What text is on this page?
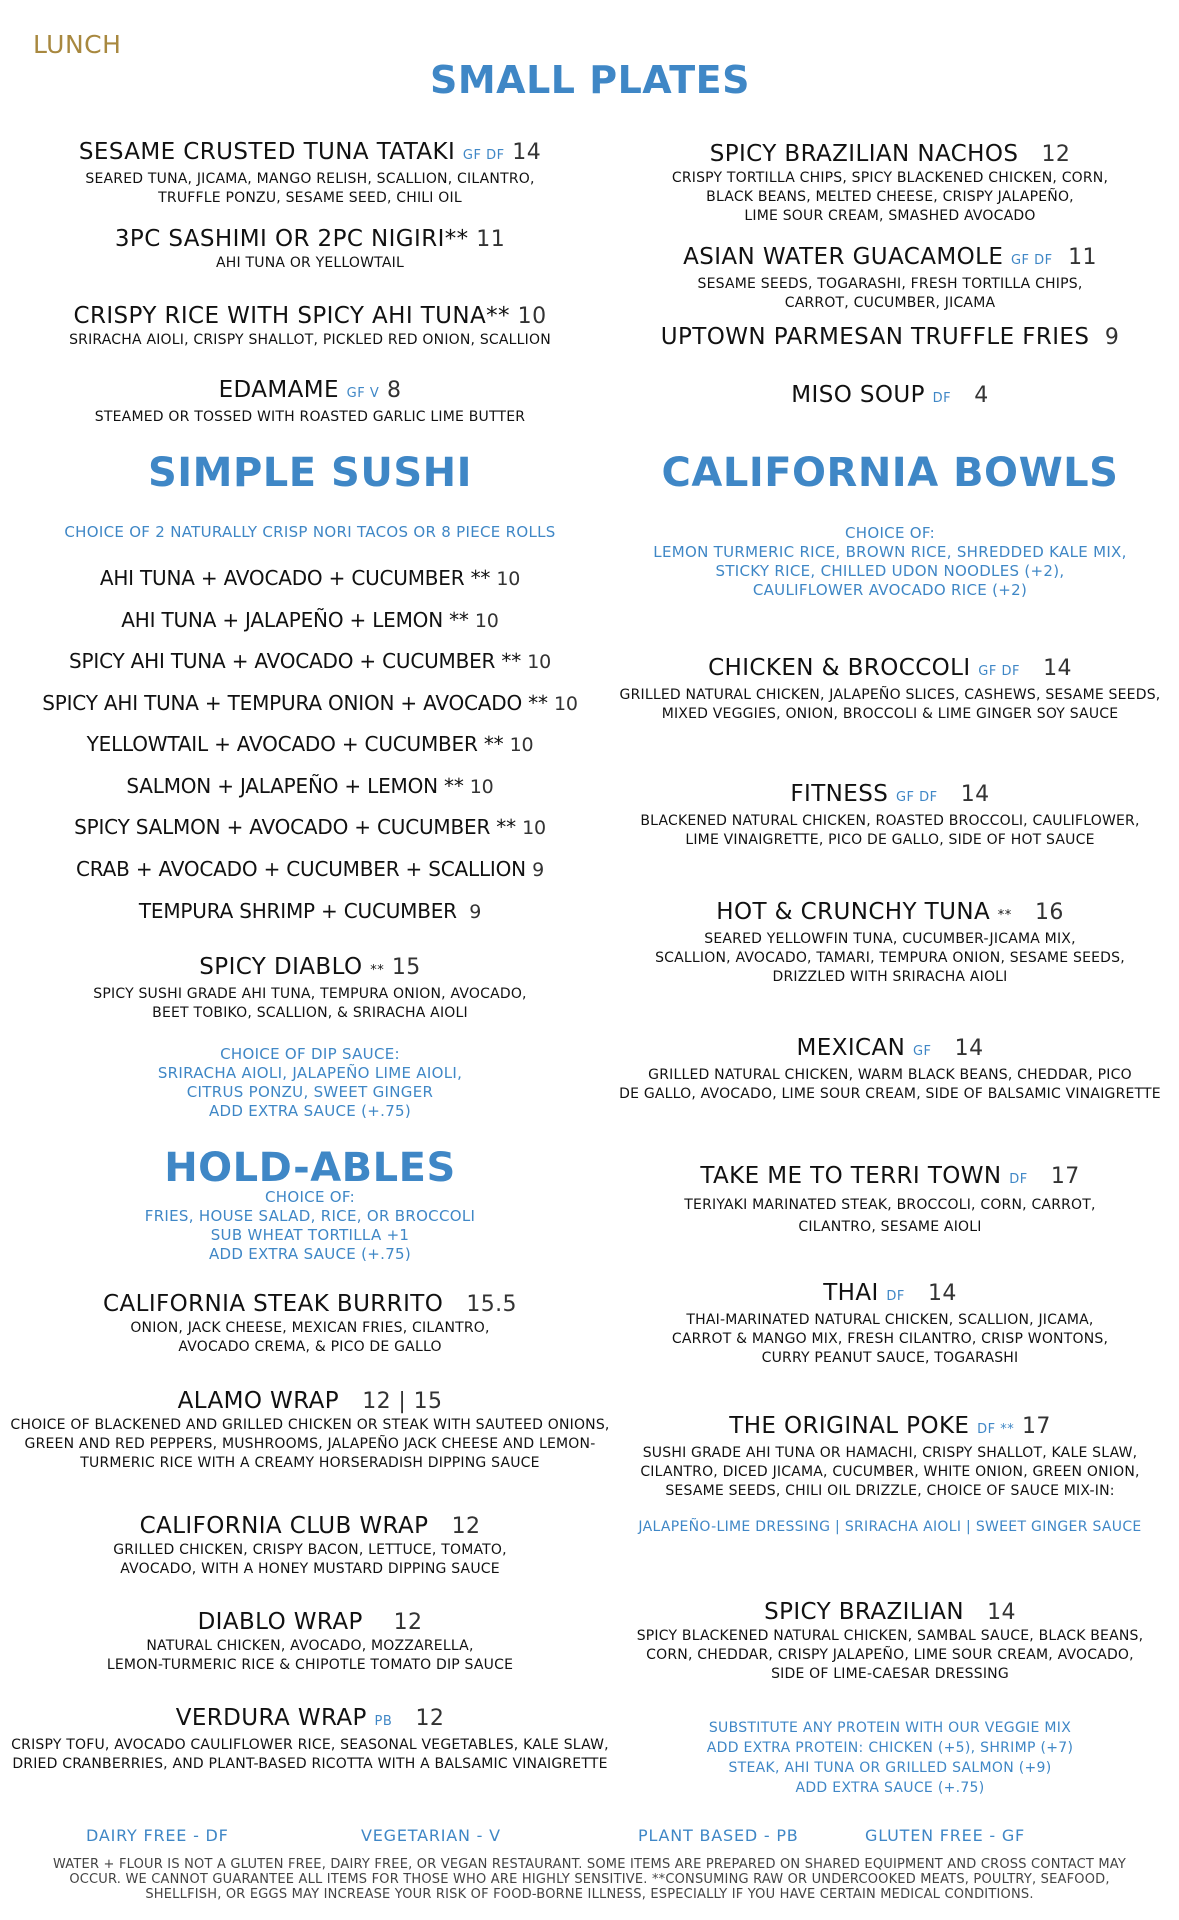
LUNCH
SMALL PLATES
SESAME CRUSTED TUNA TATAKI GF DF 14
SEARED TUNA, JICAMA, MANGO RELISH, SCALLION, CILANTRO,
TRUFFLE PONZU, SESAME SEED, CHILI OIL
3PC SASHIMI OR 2PC NIGIRI** 11
AHI TUNA OR YELLOWTAIL
CRISPY RICE WITH SPICY AHI TUNA** 10
SRIRACHA AIOLI, CRISPY SHALLOT, PICKLED RED ONION, SCALLION
EDAMAME GF V 8
STEAMED OR TOSSED WITH ROASTED GARLIC LIME BUTTER
SPICY BRAZILIAN NACHOS 12
CRISPY TORTILLA CHIPS, SPICY BLACKENED CHICKEN, CORN,
BLACK BEANS, MELTED CHEESE, CRISPY JALAPEÑO,
LIME SOUR CREAM, SMASHED AVOCADO
ASIAN WATER GUACAMOLE GF DF 11
SESAME SEEDS, TOGARASHI, FRESH TORTILLA CHIPS,
CARROT, CUCUMBER, JICAMA
UPTOWN PARMESAN TRUFFLE FRIES 9
MISO SOUP DF 4
SIMPLE SUSHI
CHOICE OF 2 NATURALLY CRISP NORI TACOS OR 8 PIECE ROLLS
AHI TUNA + AVOCADO + CUCUMBER ** 10
AHI TUNA + JALAPEÑO + LEMON ** 10
SPICY AHI TUNA + AVOCADO + CUCUMBER ** 10
SPICY AHI TUNA + TEMPURA ONION + AVOCADO ** 10
YELLOWTAIL + AVOCADO + CUCUMBER ** 10
SALMON + JALAPEÑO + LEMON ** 10
SPICY SALMON + AVOCADO + CUCUMBER ** 10
CRAB + AVOCADO + CUCUMBER + SCALLION 9
TEMPURA SHRIMP + CUCUMBER 9
SPICY DIABLO ** 15
SPICY SUSHI GRADE AHI TUNA, TEMPURA ONION, AVOCADO,
BEET TOBIKO, SCALLION, & SRIRACHA AIOLI
CHOICE OF DIP SAUCE:
SRIRACHA AIOLI, JALAPEÑO LIME AIOLI,
CITRUS PONZU, SWEET GINGER
ADD EXTRA SAUCE (+.75)
HOLD-ABLES
CHOICE OF:
FRIES, HOUSE SALAD, RICE, OR BROCCOLI
SUB WHEAT TORTILLA +1
ADD EXTRA SAUCE (+.75)
CALIFORNIA STEAK BURRITO 15.5
ONION, JACK CHEESE, MEXICAN FRIES, CILANTRO,
AVOCADO CREMA, & PICO DE GALLO
ALAMO WRAP 12 | 15
CHOICE OF BLACKENED AND GRILLED CHICKEN OR STEAK WITH SAUTEED ONIONS,
GREEN AND RED PEPPERS, MUSHROOMS, JALAPEÑO JACK CHEESE AND LEMON-
TURMERIC RICE WITH A CREAMY HORSERADISH DIPPING SAUCE
CALIFORNIA CLUB WRAP 12
GRILLED CHICKEN, CRISPY BACON, LETTUCE, TOMATO,
AVOCADO, WITH A HONEY MUSTARD DIPPING SAUCE
DIABLO WRAP 12
NATURAL CHICKEN, AVOCADO, MOZZARELLA,
LEMON-TURMERIC RICE & CHIPOTLE TOMATO DIP SAUCE
VERDURA WRAP PB 12
CRISPY TOFU, AVOCADO CAULIFLOWER RICE, SEASONAL VEGETABLES, KALE SLAW,
DRIED CRANBERRIES, AND PLANT-BASED RICOTTA WITH A BALSAMIC VINAIGRETTE
CALIFORNIA BOWLS
CHOICE OF:
LEMON TURMERIC RICE, BROWN RICE, SHREDDED KALE MIX,
STICKY RICE, CHILLED UDON NOODLES (+2),
CAULIFLOWER AVOCADO RICE (+2)
CHICKEN & BROCCOLI GF DF 14
GRILLED NATURAL CHICKEN, JALAPEÑO SLICES, CASHEWS, SESAME SEEDS,
MIXED VEGGIES, ONION, BROCCOLI & LIME GINGER SOY SAUCE
FITNESS GF DF 14
BLACKENED NATURAL CHICKEN, ROASTED BROCCOLI, CAULIFLOWER,
LIME VINAIGRETTE, PICO DE GALLO, SIDE OF HOT SAUCE
HOT & CRUNCHY TUNA ** 16
SEARED YELLOWFIN TUNA, CUCUMBER-JICAMA MIX,
SCALLION, AVOCADO, TAMARI, TEMPURA ONION, SESAME SEEDS,
DRIZZLED WITH SRIRACHA AIOLI
MEXICAN GF 14
GRILLED NATURAL CHICKEN, WARM BLACK BEANS, CHEDDAR, PICO
DE GALLO, AVOCADO, LIME SOUR CREAM, SIDE OF BALSAMIC VINAIGRETTE
TAKE ME TO TERRI TOWN DF 17
TERIYAKI MARINATED STEAK, BROCCOLI, CORN, CARROT,
CILANTRO, SESAME AIOLI
THAI DF 14
THAI-MARINATED NATURAL CHICKEN, SCALLION, JICAMA,
CARROT & MANGO MIX, FRESH CILANTRO, CRISP WONTONS,
CURRY PEANUT SAUCE, TOGARASHI
THE ORIGINAL POKE DF ** 17
SUSHI GRADE AHI TUNA OR HAMACHI, CRISPY SHALLOT, KALE SLAW,
CILANTRO, DICED JICAMA, CUCUMBER, WHITE ONION, GREEN ONION,
SESAME SEEDS, CHILI OIL DRIZZLE, CHOICE OF SAUCE MIX-IN:
JALAPEÑO-LIME DRESSING | SRIRACHA AIOLI | SWEET GINGER SAUCE
SPICY BRAZILIAN 14
SPICY BLACKENED NATURAL CHICKEN, SAMBAL SAUCE, BLACK BEANS,
CORN, CHEDDAR, CRISPY JALAPEÑO, LIME SOUR CREAM, AVOCADO,
SIDE OF LIME-CAESAR DRESSING
SUBSTITUTE ANY PROTEIN WITH OUR VEGGIE MIX
ADD EXTRA PROTEIN: CHICKEN (+5), SHRIMP (+7)
STEAK, AHI TUNA OR GRILLED SALMON (+9)
ADD EXTRA SAUCE (+.75)
DAIRY FREE - DF	VEGETARIAN - V	PLANT BASED - PB	GLUTEN FREE - GF
WATER + FLOUR IS NOT A GLUTEN FREE, DAIRY FREE, OR VEGAN RESTAURANT. SOME ITEMS ARE PREPARED ON SHARED EQUIPMENT AND CROSS CONTACT MAY
OCCUR. WE CANNOT GUARANTEE ALL ITEMS FOR THOSE WHO ARE HIGHLY SENSITIVE. **CONSUMING RAW OR UNDERCOOKED MEATS, POULTRY, SEAFOOD,
SHELLFISH, OR EGGS MAY INCREASE YOUR RISK OF FOOD-BORNE ILLNESS, ESPECIALLY IF YOU HAVE CERTAIN MEDICAL CONDITIONS.
